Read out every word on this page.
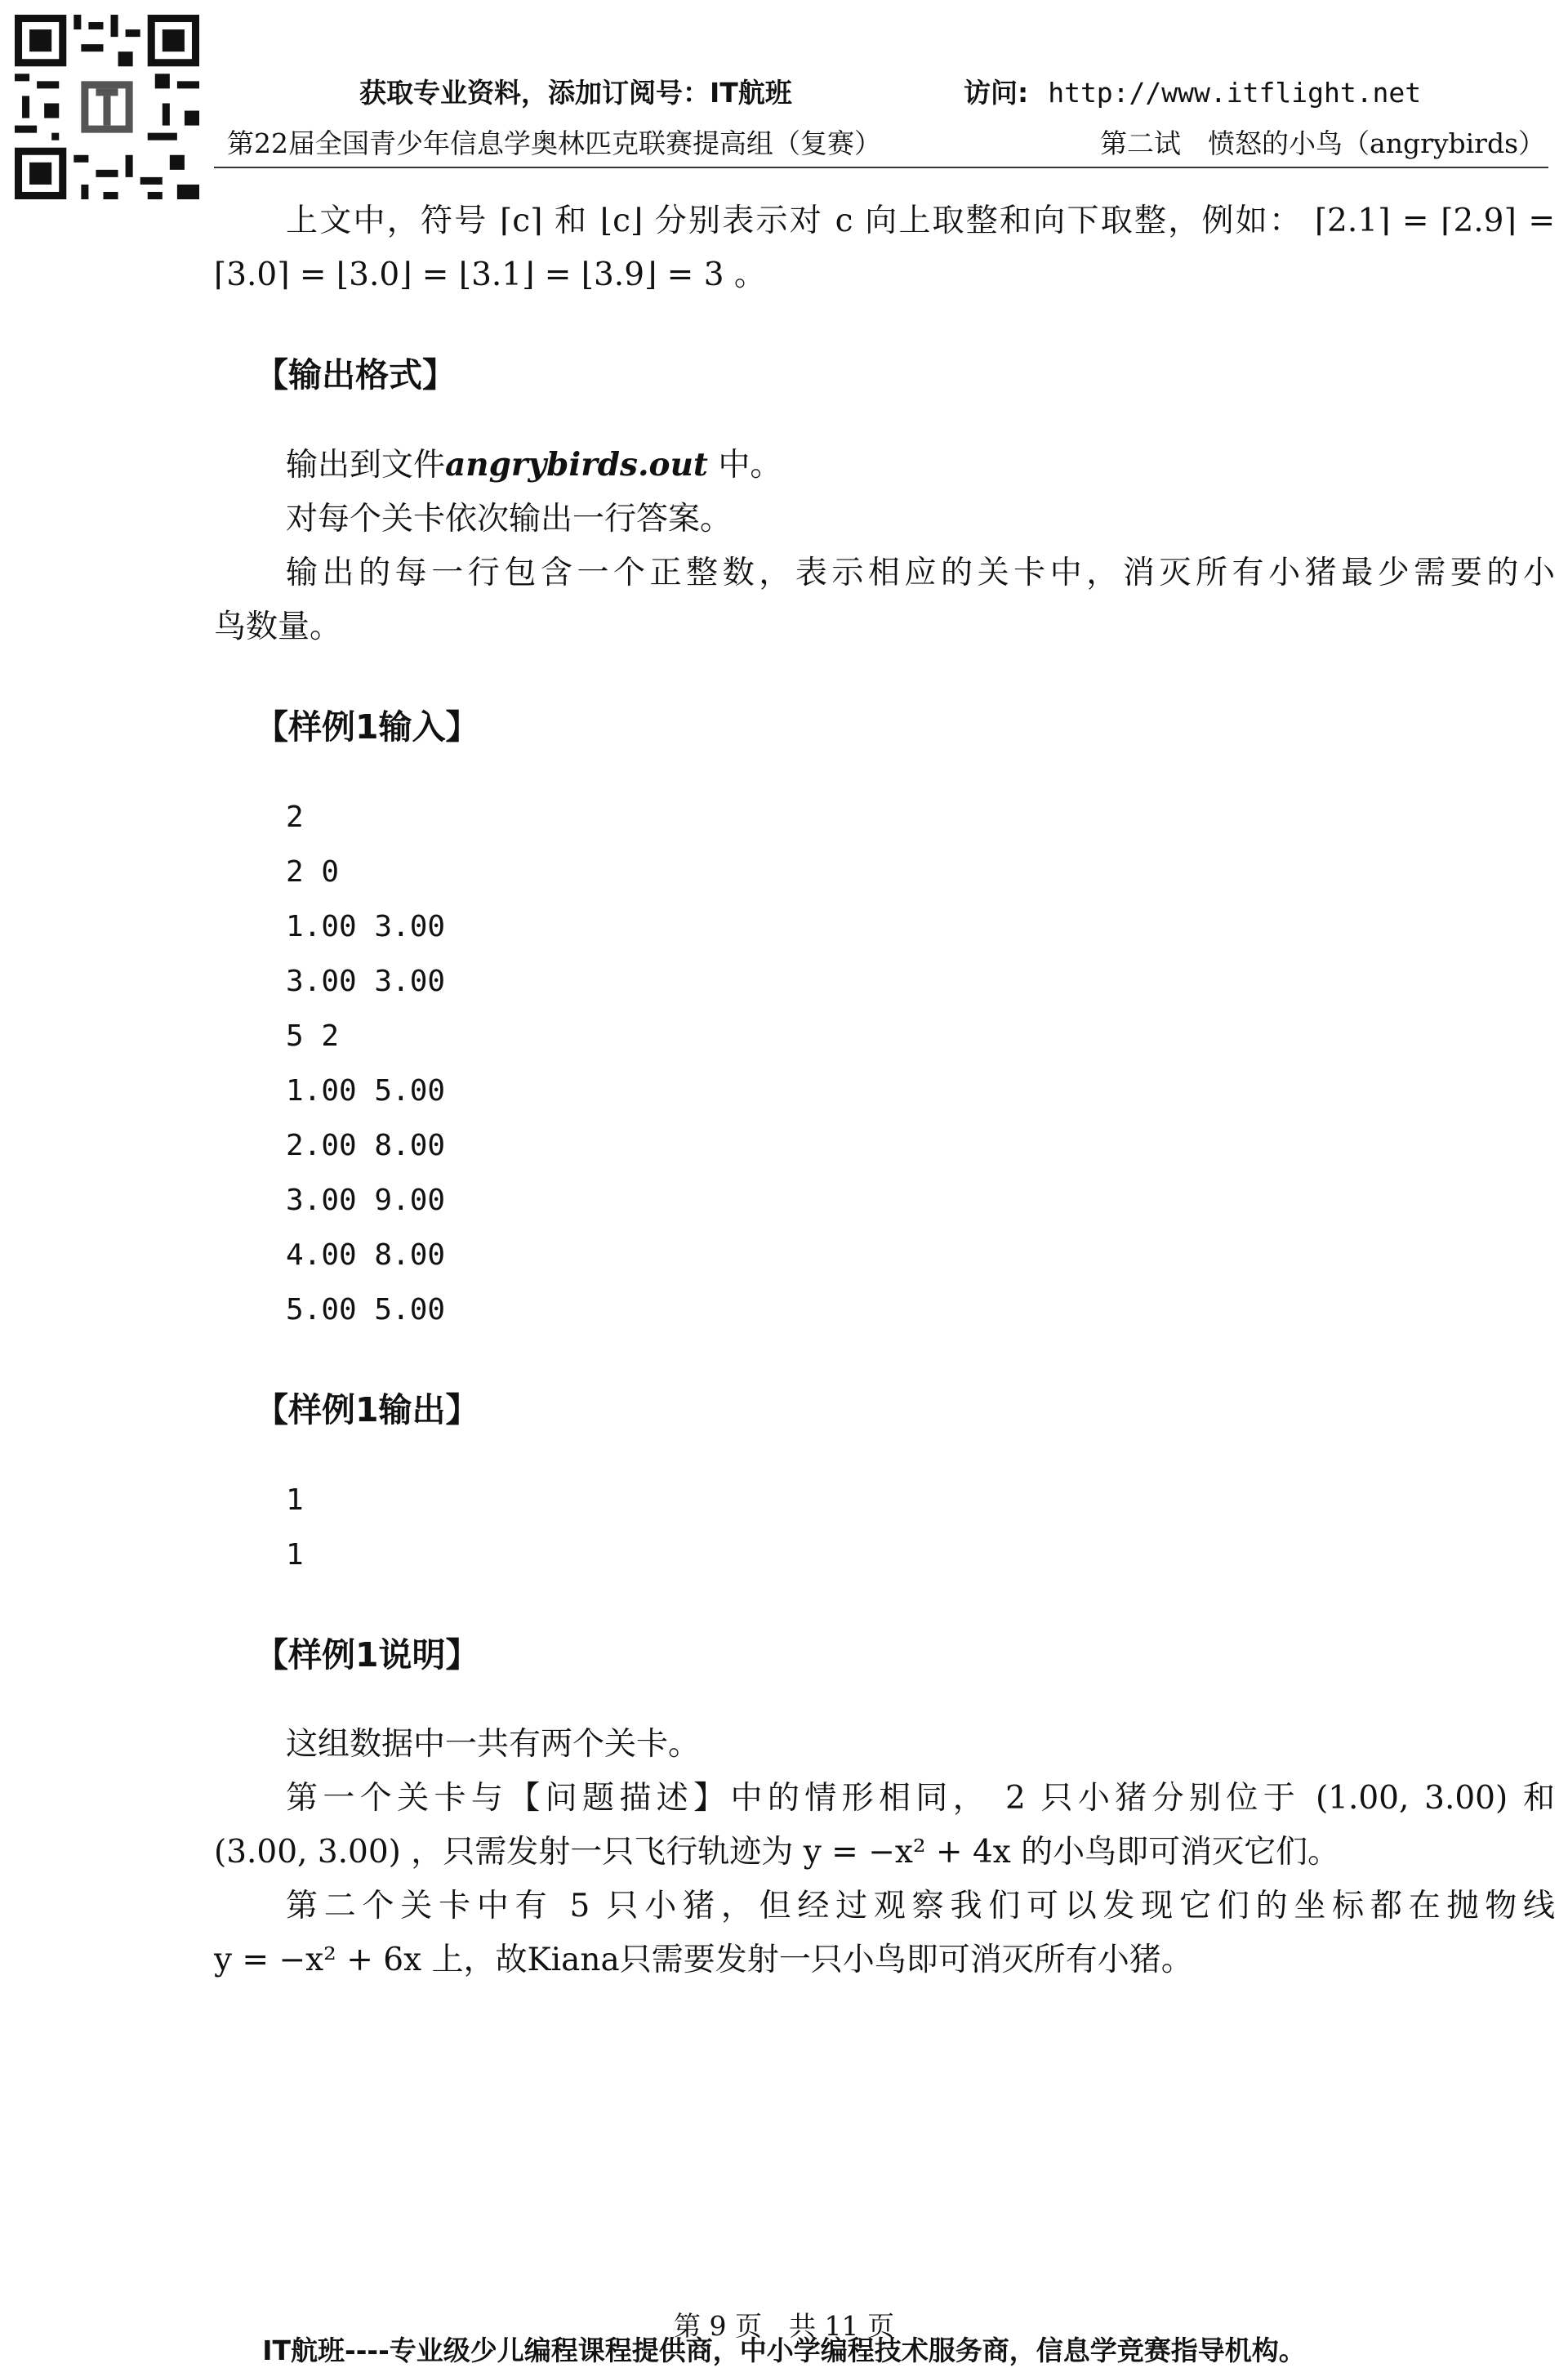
获取专业资料，添加订阅号：IT航班	访问: http://www.itflight.net
第22届全国青少年信息学奥林匹克联赛提高组（复赛）	第二试　愤怒的小鸟（angrybirds）

上文中，符号 ⌈c⌉ 和 ⌊c⌋ 分别表示对 c 向上取整和向下取整，例如： ⌈2.1⌉ = ⌈2.9⌉ =

⌈3.0⌉ = ⌊3.0⌋ = ⌊3.1⌋ = ⌊3.9⌋ = 3 。

【输出格式】

输出到文件angrybirds.out 中。

对每个关卡依次输出一行答案。

输出的每一行包含一个正整数，表示相应的关卡中，消灭所有小猪最少需要的小

鸟数量。

【样例1输入】

2

2 0

1.00 3.00

3.00 3.00

5 2

1.00 5.00

2.00 8.00

3.00 9.00

4.00 8.00

5.00 5.00

【样例1输出】

1

1

【样例1说明】

这组数据中一共有两个关卡。

第一个关卡与【问题描述】中的情形相同， 2 只小猪分别位于 (1.00, 3.00) 和

(3.00, 3.00) ，只需发射一只飞行轨迹为 y = −x² + 4x 的小鸟即可消灭它们。

第二个关卡中有 5 只小猪，但经过观察我们可以发现它们的坐标都在抛物线

y = −x² + 6x 上，故Kiana只需要发射一只小鸟即可消灭所有小猪。

第 9 页　共 11 页
IT航班----专业级少儿编程课程提供商，中小学编程技术服务商，信息学竞赛指导机构。
